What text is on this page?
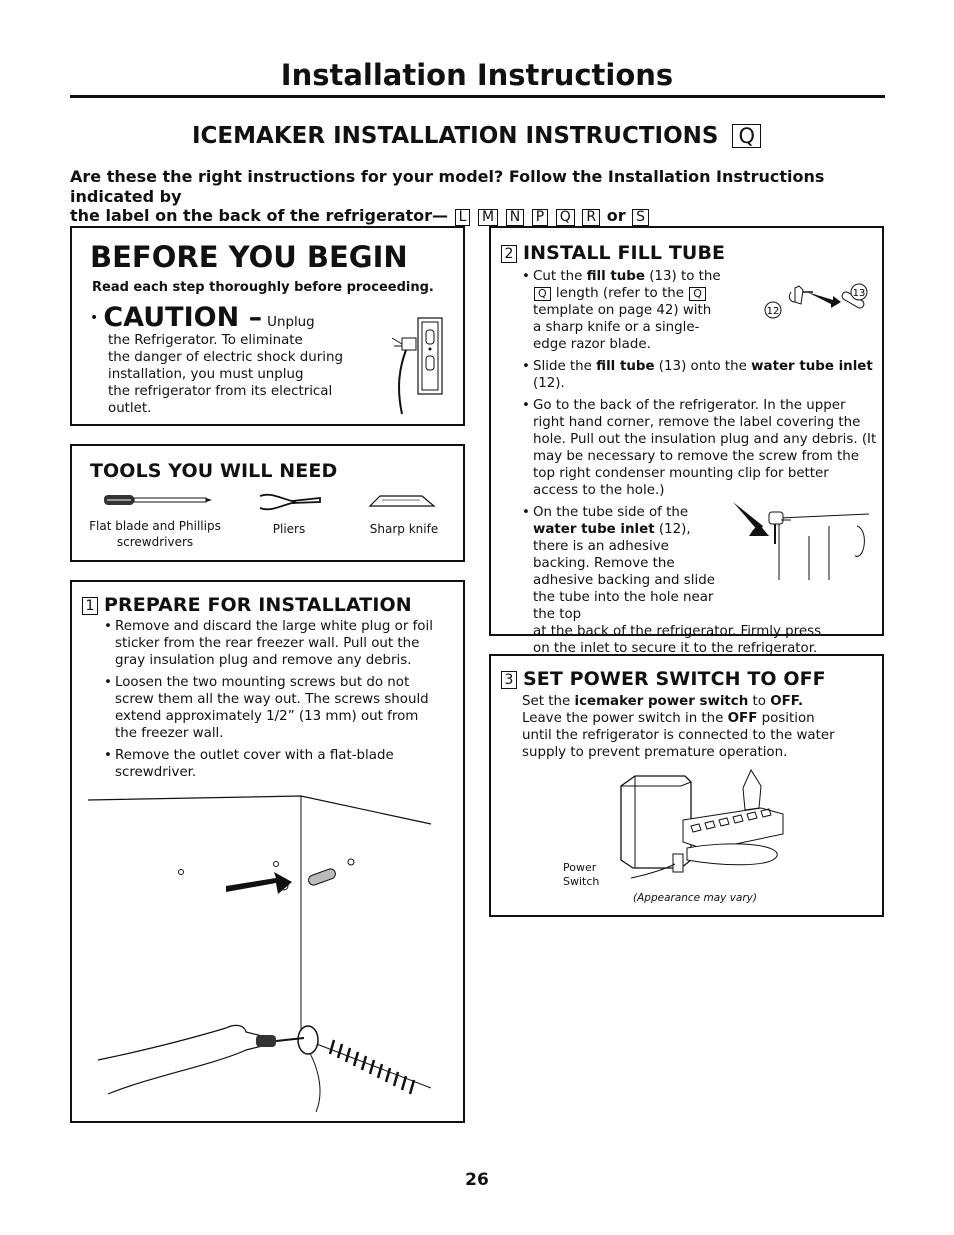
Installation Instructions
ICEMAKER INSTALLATION INSTRUCTIONS Q
Are these the right instructions for your model? Follow the Installation Instructions indicated by
the label on the back of the refrigerator— L M N P Q R or S
BEFORE YOU BEGIN
Read each step thoroughly before proceeding.
• CAUTION – Unplug
the Refrigerator. To eliminate
the danger of electric shock during
installation, you must unplug
the refrigerator from its electrical
outlet.
TOOLS YOU WILL NEED
Flat blade and Phillips screwdrivers
Pliers	Sharp knife
1 PREPARE FOR INSTALLATION
• Remove and discard the large white plug or foil sticker from the rear freezer wall. Pull out the gray insulation plug and remove any debris.
• Loosen the two mounting screws but do not screw them all the way out. The screws should extend approximately 1/2” (13 mm) out from the freezer wall.
• Remove the outlet cover with a flat-blade screwdriver.
2 INSTALL FILL TUBE
• Cut the fill tube (13) to the Q length (refer to the Q template on page 42) with a sharp knife or a single-edge razor blade.
• Slide the fill tube (13) onto the water tube inlet (12).
• Go to the back of the refrigerator. In the upper right hand corner, remove the label covering the hole. Pull out the insulation plug and any debris. (It may be necessary to remove the screw from the top right condenser mounting clip for better access to the hole.)
• On the tube side of the water tube inlet (12), there is an adhesive backing. Remove the adhesive backing and slide the tube into the hole near the top
at the back of the refrigerator. Firmly press on the inlet to secure it to the refrigerator.
13
12
3 SET POWER SWITCH TO OFF
Set the icemaker power switch to OFF.
Leave the power switch in the OFF position until the refrigerator is connected to the water supply to prevent premature operation.
Power
Switch
(Appearance may vary)
26
